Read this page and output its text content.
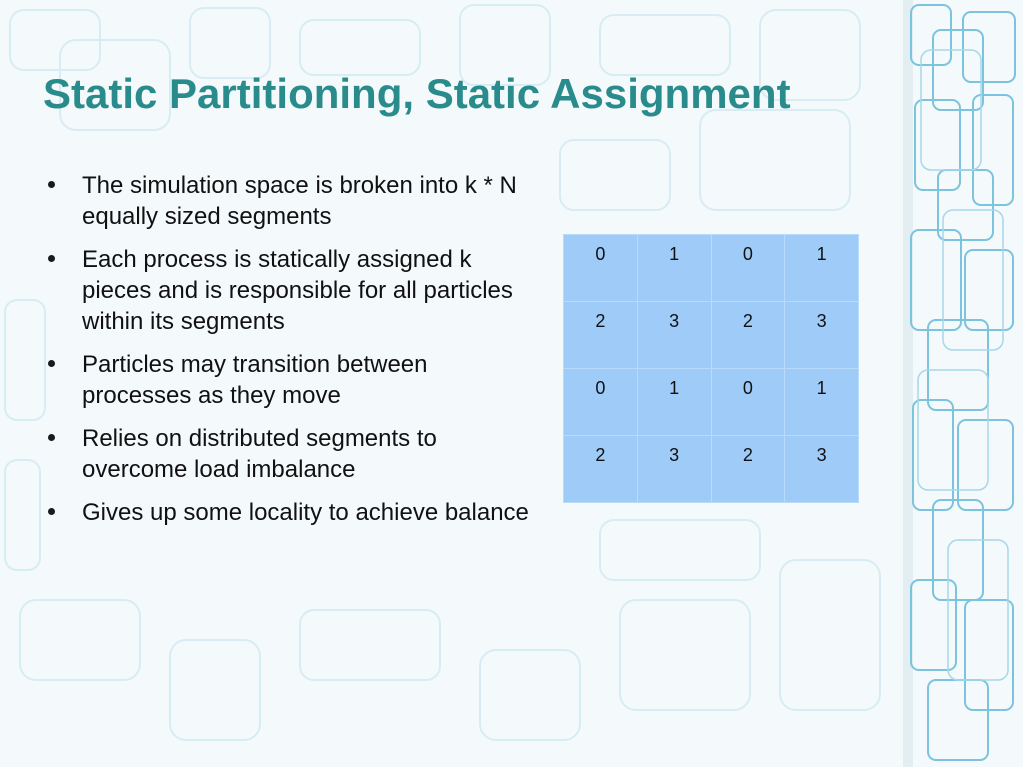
Static Partitioning, Static Assignment
The simulation space is broken into k * N equally sized segments
Each process is statically assigned k pieces and is responsible for all particles within its segments
Particles may transition between processes as they move
Relies on distributed segments to overcome load imbalance
Gives up some locality to achieve balance
0	1	0	1
2	3	2	3
0	1	0	1
2	3	2	3
